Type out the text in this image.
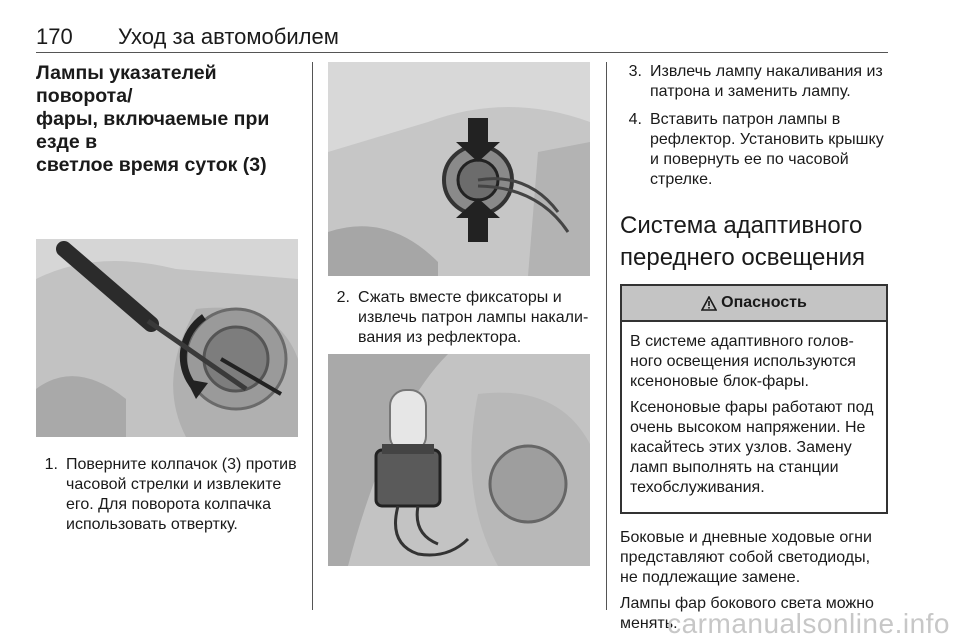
170 Уход за автомобилем
Лампы указателей поворота/
фары, включаемые при езде в
светлое время суток (3)
1. Поверните колпачок (3) против
часовой стрелки и извлеките
его. Для поворота колпачка
использовать отвертку.
2. Сжать вместе фиксаторы и
извлечь патрон лампы накали-
вания из рефлектора.
3. Извлечь лампу накаливания из
патрона и заменить лампу.
4. Вставить патрон лампы в
рефлектор. Установить крышку
и повернуть ее по часовой
стрелке.
Система адаптивного
переднего освещения
Опасность

В системе адаптивного голов-
ного освещения используются
ксеноновые блок-фары.

Ксеноновые фары работают под
очень высоком напряжении. Не
касайтесь этих узлов. Замену
ламп выполнять на станции
техобслуживания.

Боковые и дневные ходовые огни
представляют собой светодиоды,
не подлежащие замене.

Лампы фар бокового света можно
менять.

carmanualsonline.info
